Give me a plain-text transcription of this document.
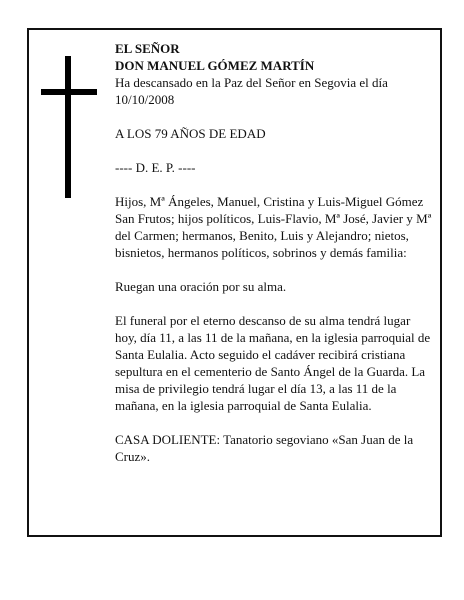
EL SEÑOR

DON MANUEL GÓMEZ MARTÍN

Ha descansado en la Paz del Señor en Segovia el día 10/10/2008

A LOS 79 AÑOS DE EDAD

---- D. E. P. ----

Hijos, Mª Ángeles, Manuel, Cristina y Luis-Miguel Gómez San Frutos; hijos políticos, Luis-Flavio, Mª José, Javier y Mª del Carmen; hermanos, Benito, Luis y Alejandro; nietos, bisnietos, hermanos políticos, sobrinos y demás familia:

Ruegan una oración por su alma.

El funeral por el eterno descanso de su alma tendrá lugar hoy, día 11, a las 11 de la mañana, en la iglesia parroquial de Santa Eulalia. Acto seguido el cadáver recibirá cristiana sepultura en el cementerio de Santo Ángel de la Guarda. La misa de privilegio tendrá lugar el día 13, a las 11 de la mañana, en la iglesia parroquial de Santa Eulalia.

CASA DOLIENTE: Tanatorio segoviano «San Juan de la Cruz».
